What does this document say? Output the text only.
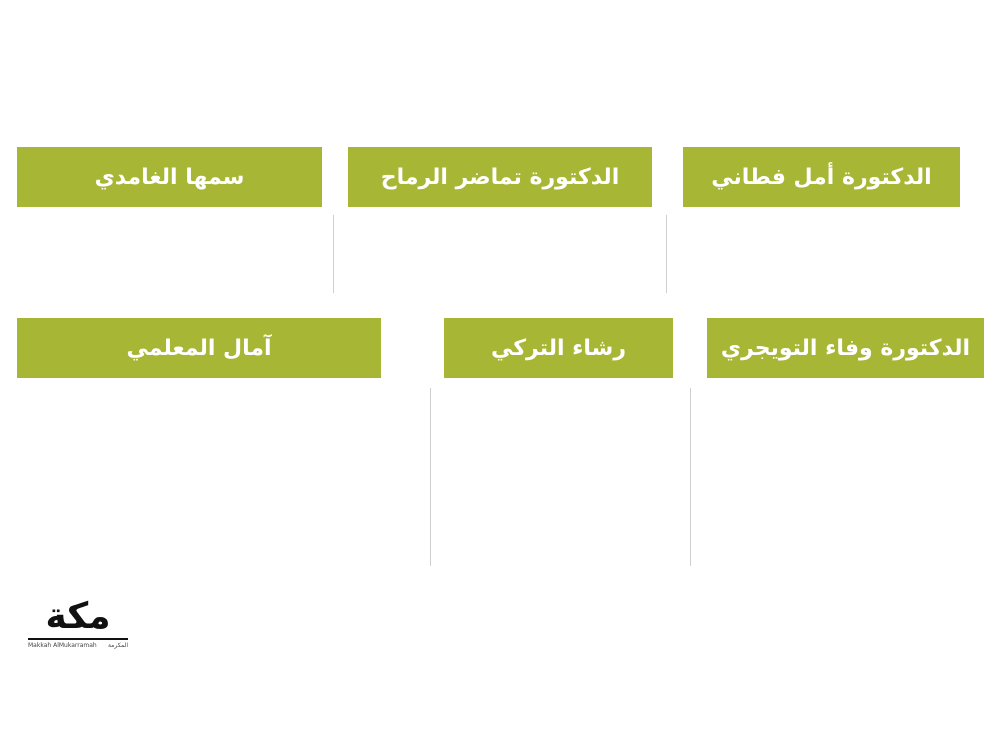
الدكتورة أمل فطاني
الدكتورة تماضر الرماح
سمها الغامدي
الدكتورة وفاء التويجري
رشاء التركي
آمال المعلمي
مكة
Makkah AlMukarramah المكرمة
